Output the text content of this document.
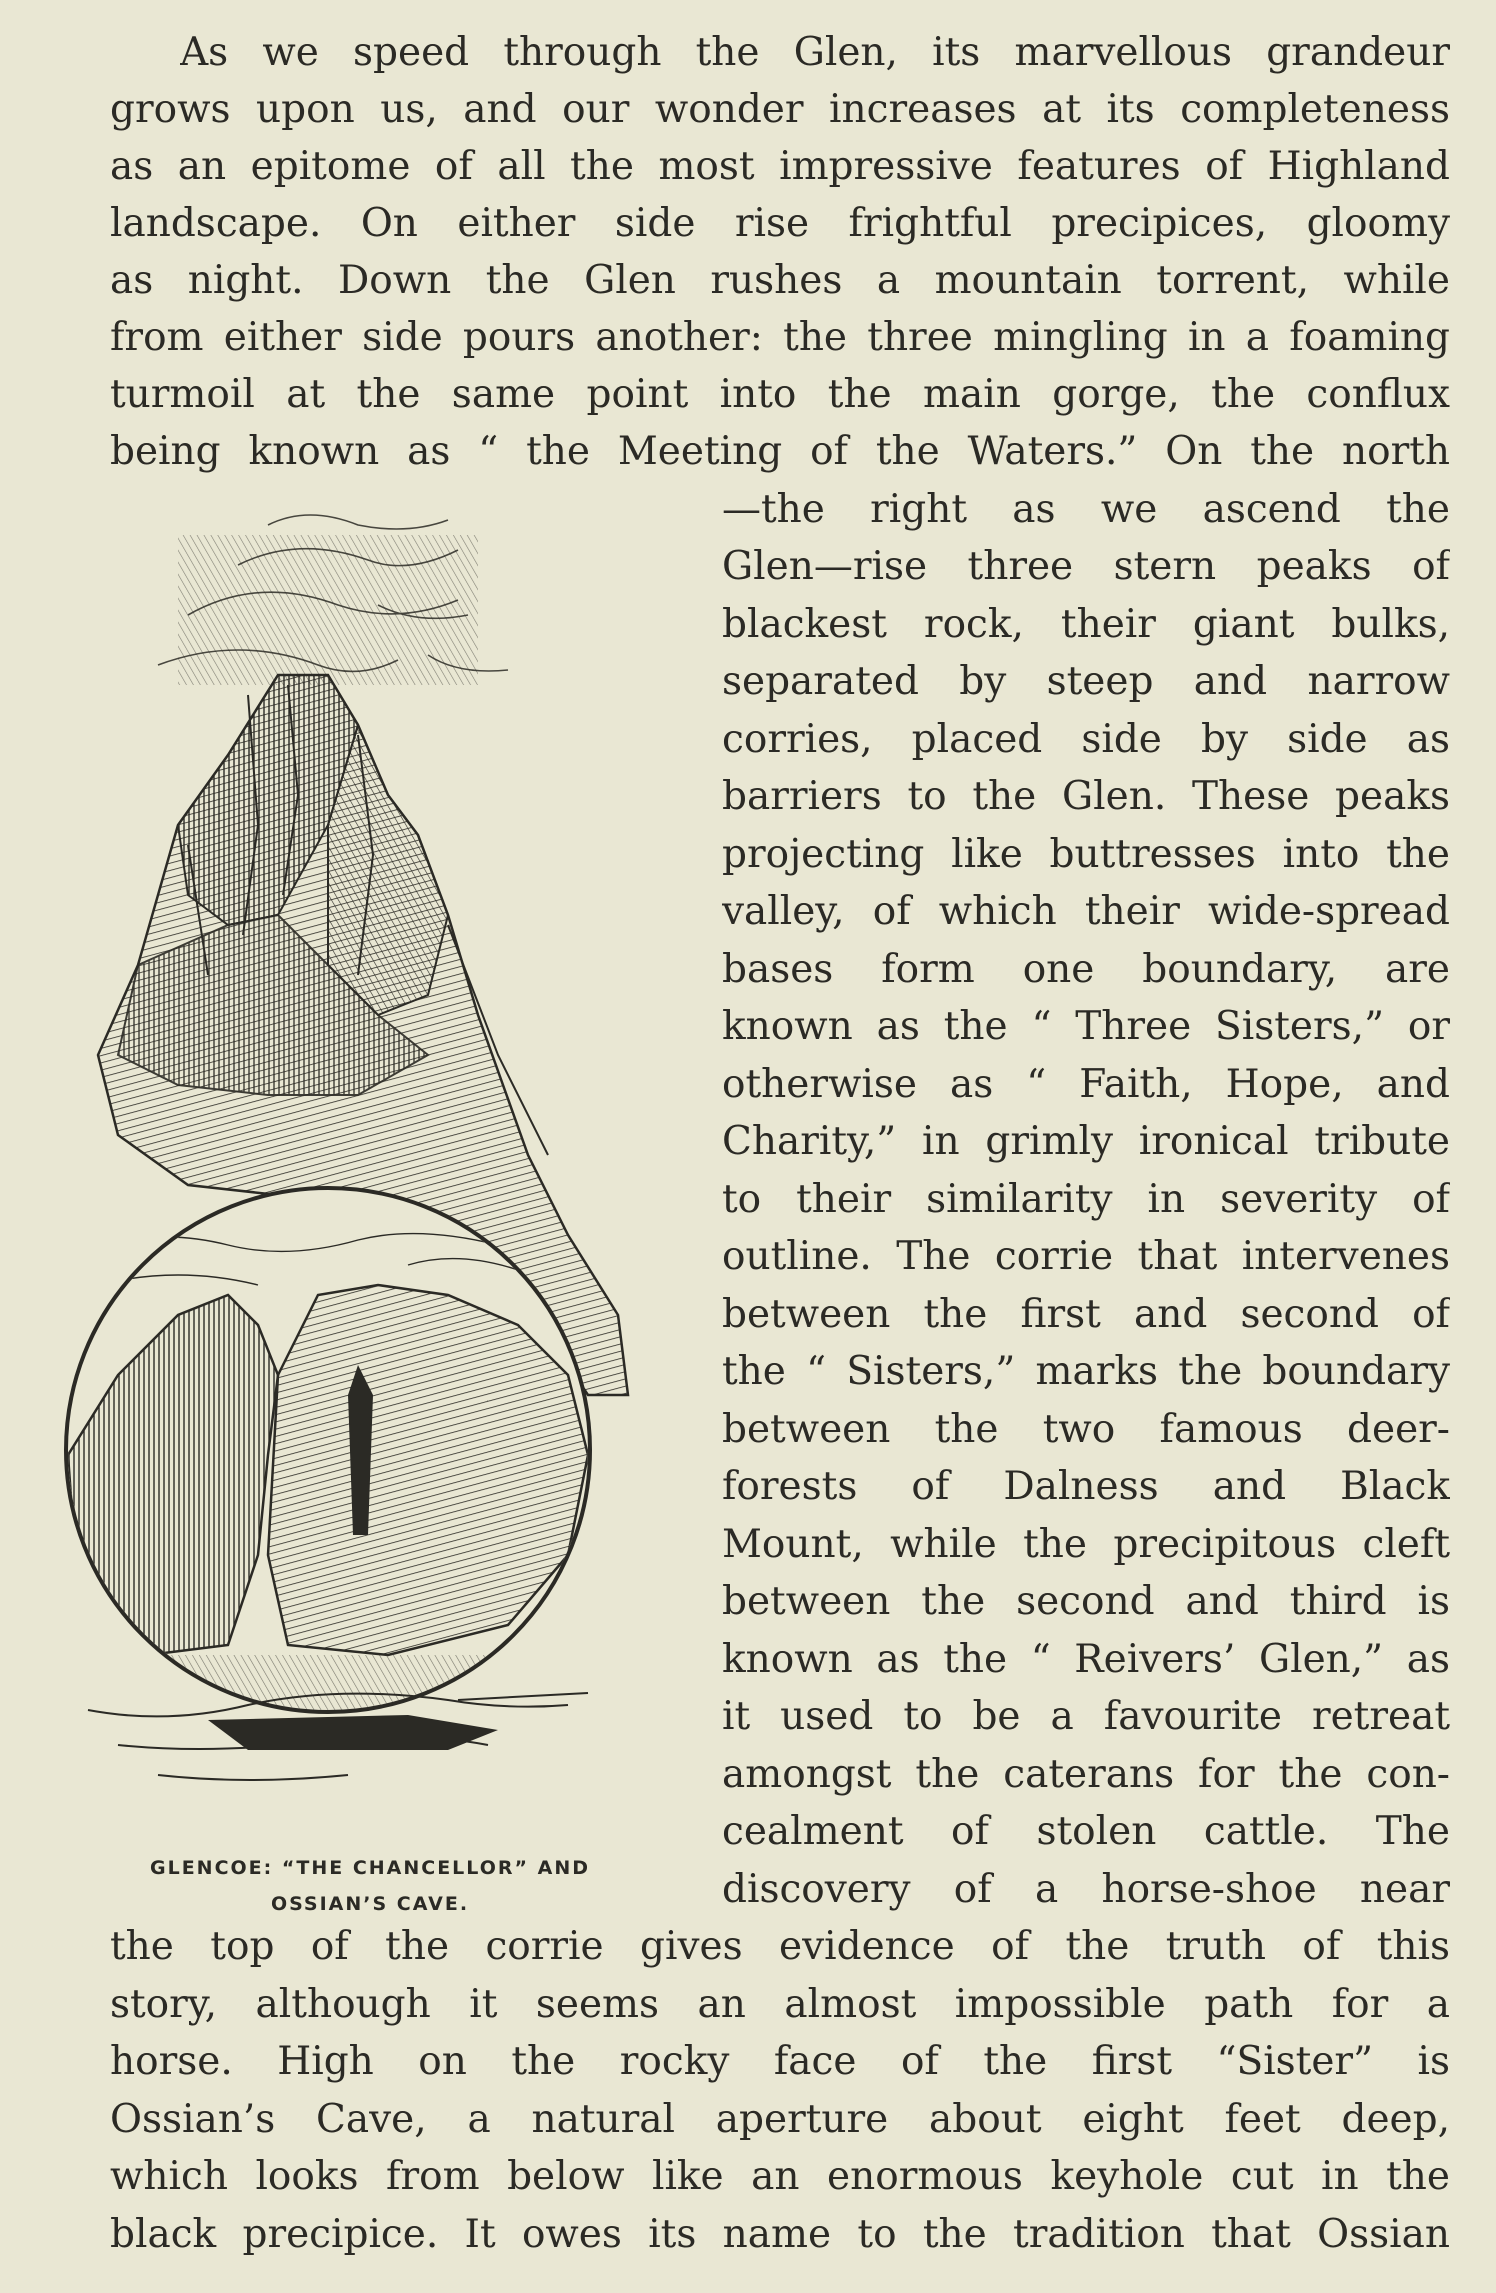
As we speed through the Glen, its marvellous grandeur
grows upon us, and our wonder increases at its completeness
as an epitome of all the most impressive features of Highland
landscape. On either side rise frightful precipices, gloomy
as night. Down the Glen rushes a mountain torrent, while
from either side pours another: the three mingling in a foaming
turmoil at the same point into the main gorge, the conflux
being known as “ the Meeting of the Waters.” On the north
—the right as we ascend the
Glen—rise three stern peaks of
blackest rock, their giant bulks,
separated by steep and narrow
corries, placed side by side as
barriers to the Glen. These peaks
projecting like buttresses into the
valley, of which their wide-spread
bases form one boundary, are
known as the “ Three Sisters,” or
otherwise as “ Faith, Hope, and
Charity,” in grimly ironical tribute
to their similarity in severity of
outline. The corrie that intervenes
between the first and second of
the “ Sisters,” marks the boundary
between the two famous deer-
forests of Dalness and Black
Mount, while the precipitous cleft
between the second and third is
known as the “ Reivers’ Glen,” as
it used to be a favourite retreat
amongst the caterans for the con-
cealment of stolen cattle. The
discovery of a horse-shoe near
the top of the corrie gives evidence of the truth of this
story, although it seems an almost impossible path for a
horse. High on the rocky face of the first “Sister” is
Ossian’s Cave, a natural aperture about eight feet deep,
which looks from below like an enormous keyhole cut in the
black precipice. It owes its name to the tradition that Ossian
GLENCOE: “THE CHANCELLOR” AND
OSSIAN’S CAVE.
